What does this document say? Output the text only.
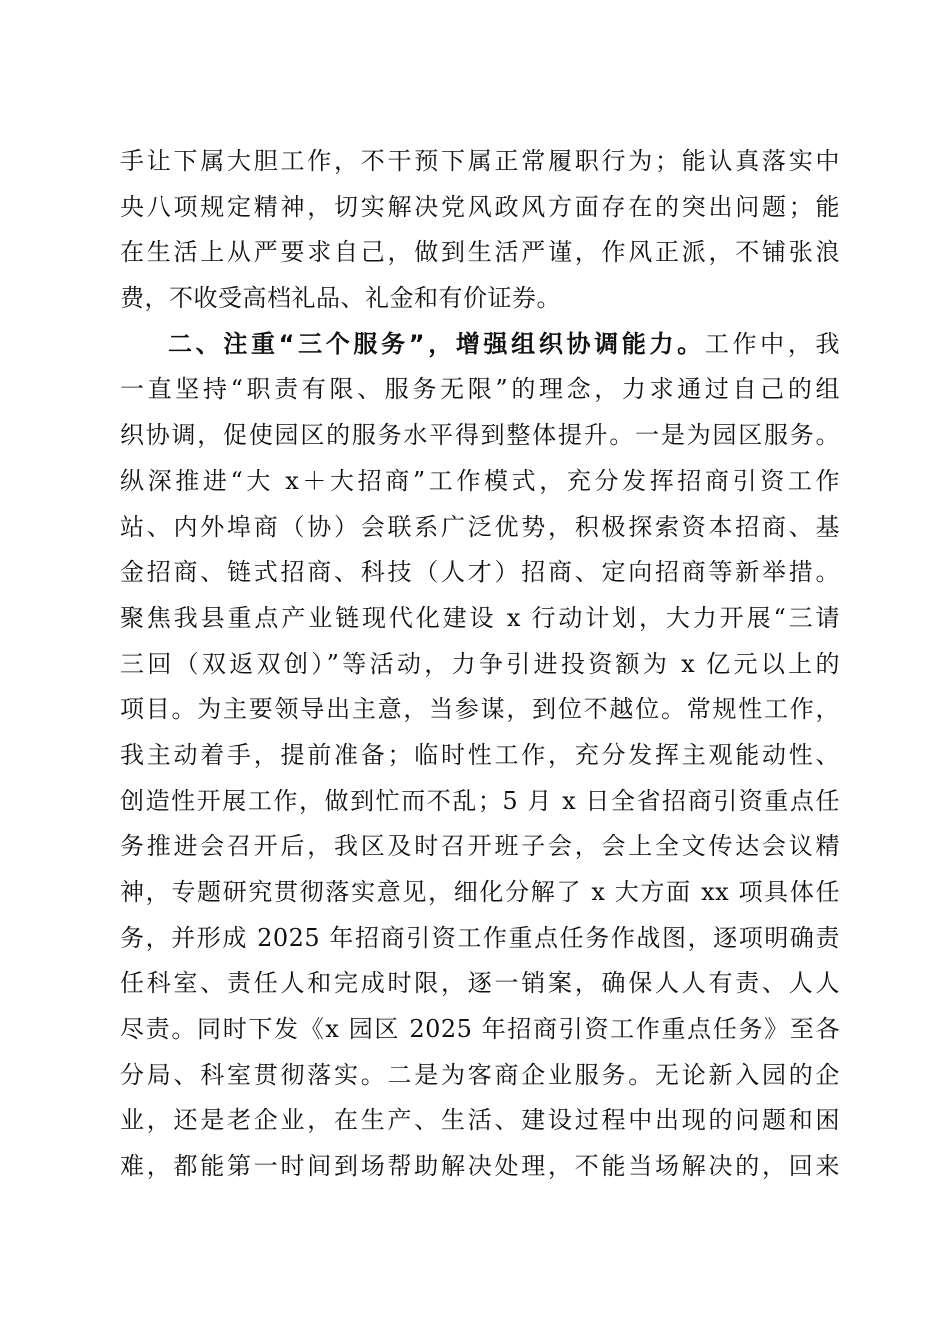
手让下属大胆工作，不干预下属正常履职行为；能认真落实中
央八项规定精神，切实解决党风政风方面存在的突出问题；能
在生活上从严要求自己，做到生活严谨，作风正派，不铺张浪
费，不收受高档礼品、礼金和有价证券。
二、注重“三个服务”，增强组织协调能力。工作中，我
一直坚持“职责有限、服务无限”的理念，力求通过自己的组
织协调，促使园区的服务水平得到整体提升。一是为园区服务。
纵深推进“大 x＋大招商”工作模式，充分发挥招商引资工作
站、内外埠商（协）会联系广泛优势，积极探索资本招商、基
金招商、链式招商、科技（人才）招商、定向招商等新举措。
聚焦我县重点产业链现代化建设 x 行动计划，大力开展“三请
三回（双返双创）”等活动，力争引进投资额为 x 亿元以上的
项目。为主要领导出主意，当参谋，到位不越位。常规性工作，
我主动着手，提前准备；临时性工作，充分发挥主观能动性、
创造性开展工作，做到忙而不乱；5 月 x 日全省招商引资重点任
务推进会召开后，我区及时召开班子会，会上全文传达会议精
神，专题研究贯彻落实意见，细化分解了 x 大方面 xx 项具体任
务，并形成 2025 年招商引资工作重点任务作战图，逐项明确责
任科室、责任人和完成时限，逐一销案，确保人人有责、人人
尽责。同时下发《x 园区 2025 年招商引资工作重点任务》至各
分局、科室贯彻落实。二是为客商企业服务。无论新入园的企
业，还是老企业，在生产、生活、建设过程中出现的问题和困
难，都能第一时间到场帮助解决处理，不能当场解决的，回来
